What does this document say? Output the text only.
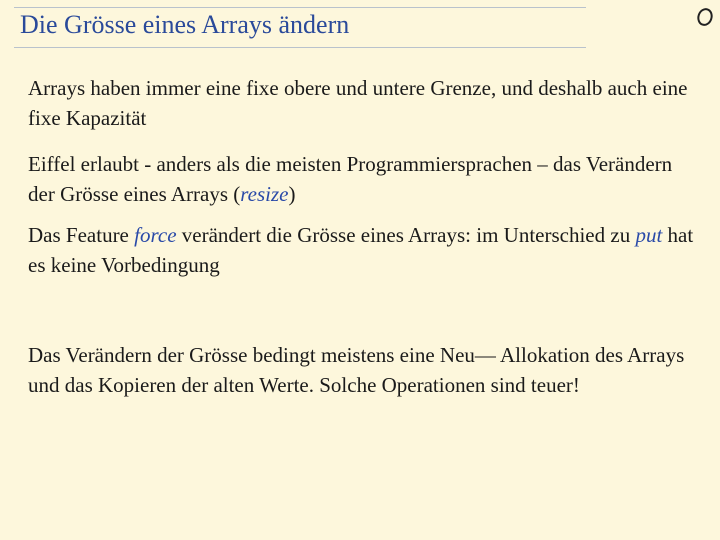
Die Grösse eines Arrays ändern
Arrays haben immer eine fixe obere und untere Grenze, und deshalb auch eine fixe Kapazität
Eiffel erlaubt - anders als die meisten Programmiersprachen – das Verändern der Grösse eines Arrays (resize)
Das Feature force verändert die Grösse eines Arrays: im Unterschied zu put hat es keine Vorbedingung
Das Verändern der Grösse bedingt meistens eine Neu— Allokation des Arrays und das Kopieren der alten Werte. Solche Operationen sind teuer!
